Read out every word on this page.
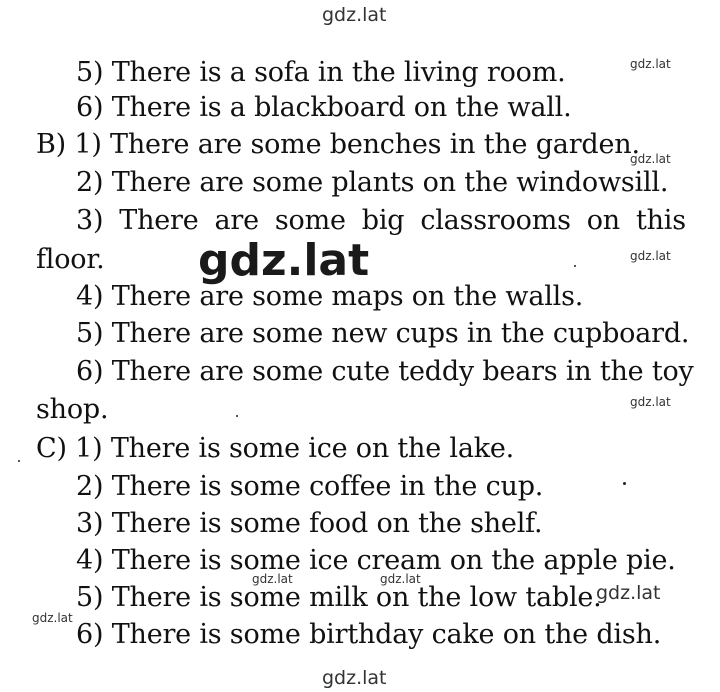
gdz.lat
5) There is a sofa in the living room.
6) There is a blackboard on the wall.
B) 1) There are some benches in the garden.
2) There are some plants on the windowsill.
3) There are some big classrooms on this
floor.
4) There are some maps on the walls.
5) There are some new cups in the cupboard.
6) There are some cute teddy bears in the toy
shop.
C) 1) There is some ice on the lake.
2) There is some coffee in the cup.
3) There is some food on the shelf.
4) There is some ice cream on the apple pie.
5) There is some milk on the low table.
6) There is some birthday cake on the dish.
gdz.lat
gdz.lat
gdz.lat
gdz.lat
gdz.lat
gdz.lat	gdz.lat
gdz.lat
gdz.lat
gdz.lat
